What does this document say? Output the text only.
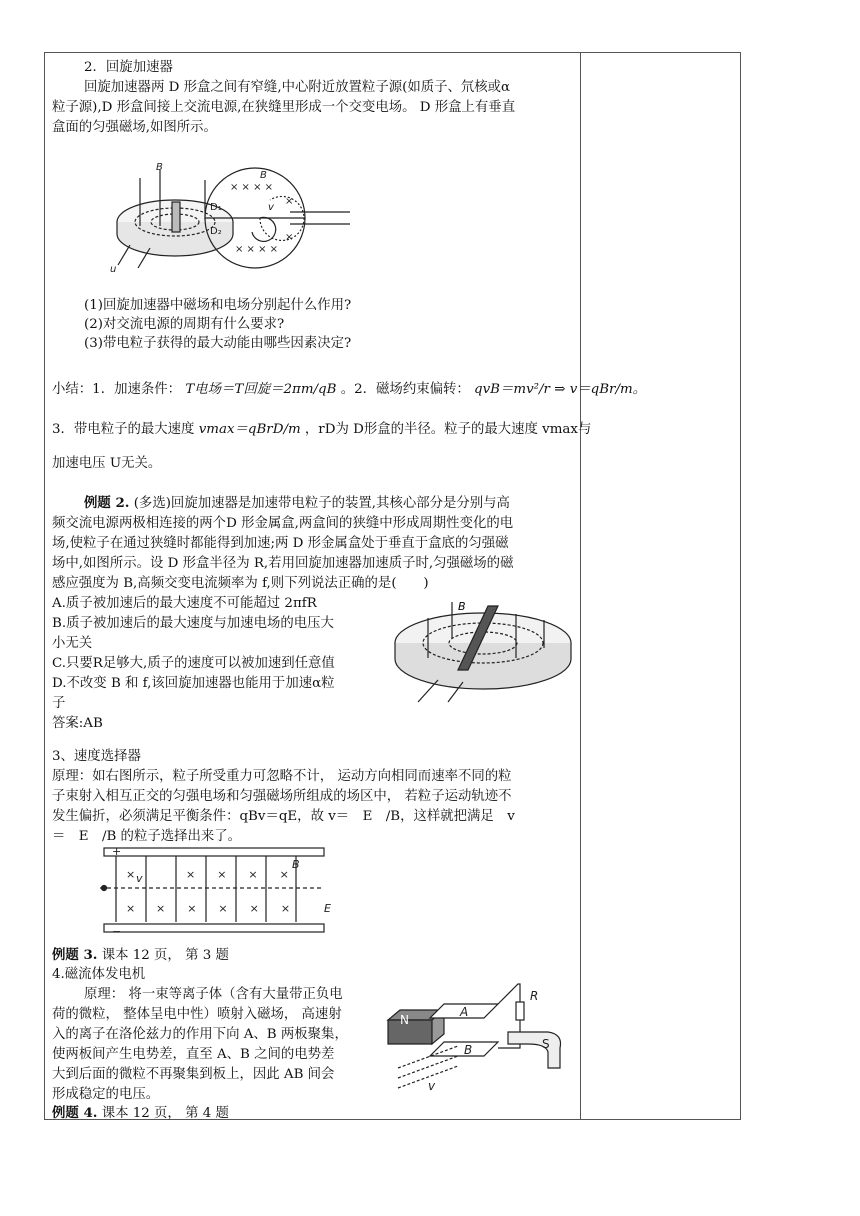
2．回旋加速器
回旋加速器两 D 形盒之间有窄缝,中心附近放置粒子源(如质子、氘核或α
粒子源),D 形盒间接上交流电源,在狭缝里形成一个交变电场。 D 形盒上有垂直
盒面的匀强磁场,如图所示。
B
u
B
D₁
D₂
v
× × × ×
× × × ×
×
×
(1)回旋加速器中磁场和电场分别起什么作用?
(2)对交流电源的周期有什么要求?
(3)带电粒子获得的最大动能由哪些因素决定?
小结：1．加速条件： T电场＝T回旋＝2πm/qB 。2．磁场约束偏转： qvB＝mv²/r ⇒ v＝qBr/m。
3．带电粒子的最大速度 vmax＝qBrD/m ，rD为 D形盒的半径。粒子的最大速度 vmax与
加速电压 U无关。
例题 2. (多选)回旋加速器是加速带电粒子的装置,其核心部分是分别与高
频交流电源两极相连接的两个D 形金属盒,两盒间的狭缝中形成周期性变化的电
场,使粒子在通过狭缝时都能得到加速;两 D 形金属盒处于垂直于盒底的匀强磁
场中,如图所示。设 D 形盒半径为 R,若用回旋加速器加速质子时,匀强磁场的磁
感应强度为 B,高频交变电流频率为 f,则下列说法正确的是(　　)
A.质子被加速后的最大速度不可能超过 2πfR
B.质子被加速后的最大速度与加速电场的电压大
小无关
C.只要R足够大,质子的速度可以被加速到任意值
D.不改变 B 和 f,该回旋加速器也能用于加速α粒
子
答案:AB
B
3、速度选择器
原理：如右图所示，粒子所受重力可忽略不计， 运动方向相同而速率不同的粒
子束射入相互正交的匀强电场和匀强磁场所组成的场区中， 若粒子运动轨迹不
发生偏折，必须满足平衡条件：qBv＝qE，故 v＝　E　/B，这样就把满足　v
＝　E　/B 的粒子选择出来了。
+
−
×
×
×　　×　　×　　×
×　　×　　×　　×　　×
v
B
E
例题 3. 课本 12 页， 第 3 题
4.磁流体发电机
原理： 将一束等离子体（含有大量带正负电
荷的微粒， 整体呈电中性）喷射入磁场， 高速射
入的离子在洛伦兹力的作用下向 A、B 两板聚集，
使两板间产生电势差，直至 A、B 之间的电势差
大到后面的微粒不再聚集到板上，因此 AB 间会
形成稳定的电压。
例题 4. 课本 12 页， 第 4 题
N
S
A
B
R
v
